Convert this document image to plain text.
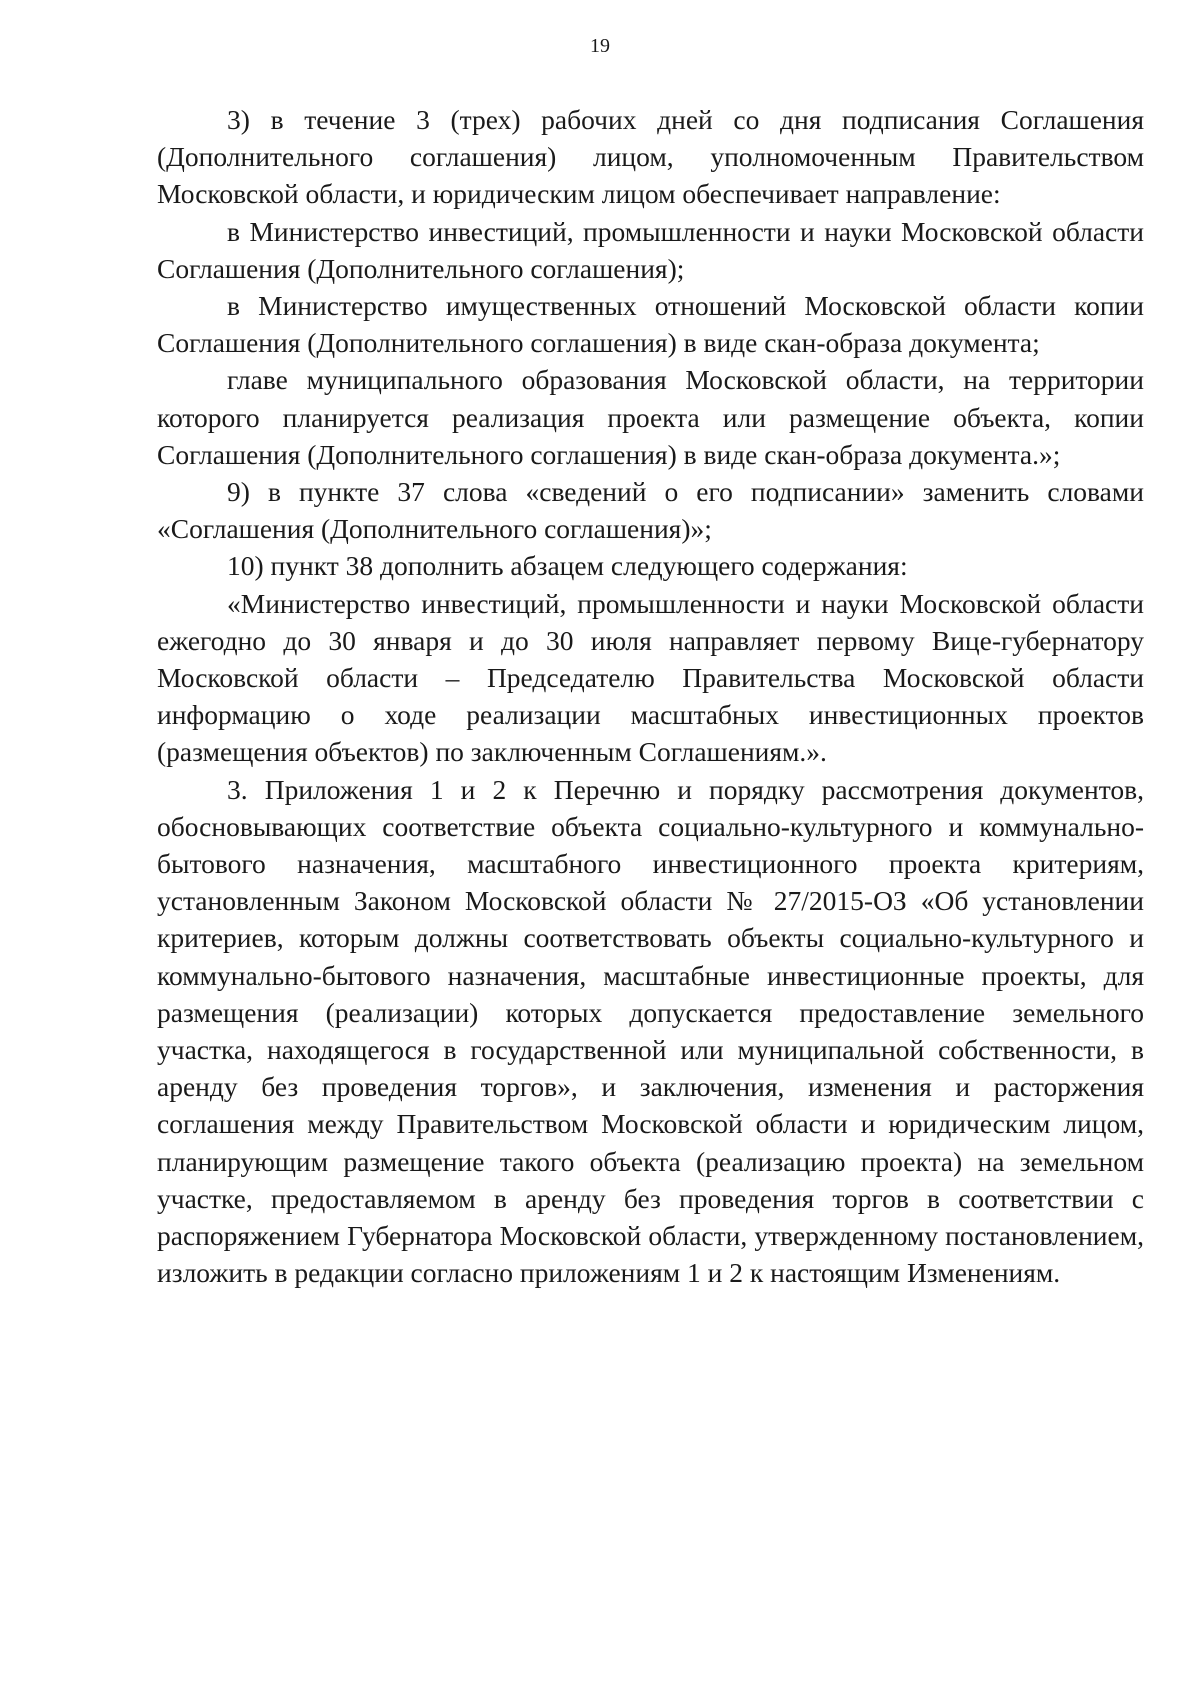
19

3) в течение 3 (трех) рабочих дней со дня подписания Соглашения (Дополнительного соглашения) лицом, уполномоченным Правительством Московской области, и юридическим лицом обеспечивает направление:

в Министерство инвестиций, промышленности и науки Московской области Соглашения (Дополнительного соглашения);

в Министерство имущественных отношений Московской области копии Соглашения (Дополнительного соглашения) в виде скан-образа документа;

главе муниципального образования Московской области, на территории которого планируется реализация проекта или размещение объекта, копии Соглашения (Дополнительного соглашения) в виде скан-образа документа.»;

9) в пункте 37 слова «сведений о его подписании» заменить словами «Соглашения (Дополнительного соглашения)»;

10) пункт 38 дополнить абзацем следующего содержания:

«Министерство инвестиций, промышленности и науки Московской области ежегодно до 30 января и до 30 июля направляет первому Вице-губернатору Московской области – Председателю Правительства Московской области информацию о ходе реализации масштабных инвестиционных проектов (размещения объектов) по заключенным Соглашениям.».

3. Приложения 1 и 2 к Перечню и порядку рассмотрения документов, обосновывающих соответствие объекта социально-культурного и коммунально-бытового назначения, масштабного инвестиционного проекта критериям, установленным Законом Московской области № 27/2015-ОЗ «Об установлении критериев, которым должны соответствовать объекты социально-культурного и коммунально-бытового назначения, масштабные инвестиционные проекты, для размещения (реализации) которых допускается предоставление земельного участка, находящегося в государственной или муниципальной собственности, в аренду без проведения торгов», и заключения, изменения и расторжения соглашения между Правительством Московской области и юридическим лицом, планирующим размещение такого объекта (реализацию проекта) на земельном участке, предоставляемом в аренду без проведения торгов в соответствии с распоряжением Губернатора Московской области, утвержденному постановлением, изложить в редакции согласно приложениям 1 и 2 к настоящим Изменениям.
